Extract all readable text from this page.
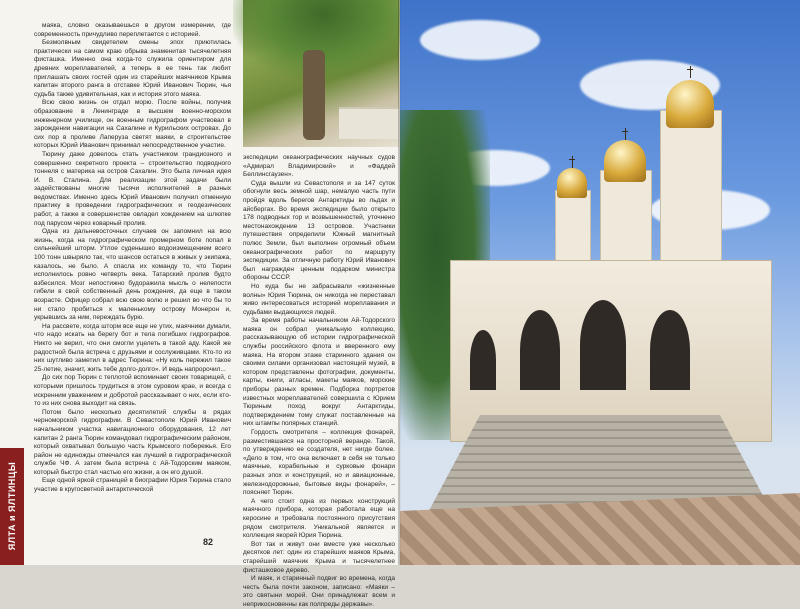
маяка, словно оказываешься в другом измерении, где современность причудливо переплетается с историей.

Безмолвным свидетелем смены эпох приютилась практически на самом краю обрыва знаменитая тысячелетняя фисташка. Именно она когда-то служила ориентиром для древних мореплавателей, а теперь в ее тень так любит приглашать своих гостей один из старейших маячников Крыма капитан второго ранга в отставке Юрий Иванович Тюрин, чья судьба также удивительная, как и история этого маяка.

Всю свою жизнь он отдал морю. После войны, получив образование в Ленинграде в высшем военно-морском инженерном училище, он военным гидрографом участвовал в зарождении навигации на Сахалине и Курильских островах. До сих пор в проливе Лаперуза светят маяки, в строительстве которых Юрий Иванович принимал непосредственное участие.

Тюрину даже довелось стать участником грандиозного и совершенно секретного проекта – строительство подводного тоннеля с материка на остров Сахалин. Это была личная идея И. В. Сталина. Для реализации этой задачи были задействованы многие тысячи исполнителей в разных ведомствах. Именно здесь Юрий Иванович получил отменную практику в проведении гидрографических и геодезических работ, а также в совершенстве овладел хождением на шлюпке под парусом через коварный пролив.

Одна из дальневосточных случаев он запомнил на всю жизнь, когда на гидрографическом промерном боте попал в сильнейший шторм. Утлое суденышко водоизмещением всего 100 тонн швыряло так, что шансов остаться в живых у экипажа, казалось, не было. А спасла их команду то, что Тюрин исполнилось ровно четверть века. Татарский пролив будто взбесился. Мозг непостижно будоражила мысль о нелепости гибели в свой собственный день рождения, да еще в таком возрасте. Офицер собрал всю свою волю и решил во что бы то ни стало пробиться к маленькому острову Монерон и, укрывшись за ним, переждать бурю.

На рассвете, когда шторм все еще не утих, маячники думали, что надо искать на берегу бот и тела погибших гидрографов. Никто не верил, что они смогли уцелеть в такой аду. Какой же радостной была встреча с друзьями и сослуживцами. Кто-то из них шутливо заметил в адрес Тюрина: «Ну коль пережил такое 25-летие, значит, жить тебе долго-долго». И ведь напророчил...

До сих пор Тюрин с теплотой вспоминает своих товарищей, с которыми пришлось трудиться в этом суровом крае, и всегда с искренним уважением и добротой рассказывает о них, если кто-то из них снова выходит на связь.

Потом было несколько десятилетий службы в рядах черноморской гидрографии. В Севастополе Юрий Иванович начальником участка навигационного оборудования, 12 лет капитан 2 ранга Тюрин командовал гидрографическим районом, который охватывал большую часть Крымского побережья. Его район не единожды отмечался как лучший в гидрографической службе ЧФ. А затем была встреча с Ай-Тодорским маяком, который быстро стал частью его жизни, а он его душой.

Еще одной яркой страницей в биографии Юрия Тюрина стало участие в кругосветной антарктической

экспедиции океанографических научных судов «Адмирал Владимирский» и «Фаддей Беллинсгаузен».

Суда вышли из Севастополя и за 147 суток обогнули весь земной шар, немалую часть пути пройдя вдоль берегов Антарктиды во льдах и айсбергах. Во время экспедиции было открыто 178 подводных гор и возвышенностей, уточнено местонахождение 13 островов. Участники путешествия определили Южный магнитный полюс Земли, был выполнен огромный объем океанографических работ по маршруту экспедиции. За отличную работу Юрий Иванович был награжден ценным подарком министра обороны СССР.

Но куда бы не забрасывали «жизненные волны» Юрия Тюрина, он никогда не переставал живо интересоваться историей мореплавания и судьбами выдающихся людей.

За время работы начальником Ай-Тодорского маяка он собрал уникальную коллекцию, рассказывающую об истории гидрографической службы российского флота и вверенного ему маяка. На втором этаже старинного здания он своими силами организовал настоящий музей, в котором представлены фотографии, документы, карты, книги, атласы, макеты маяков, морские приборы разных времен. Подборка портретов известных мореплавателей совершила с Юрием Тюриным поход вокруг Антарктиды, подтверждением тому служат поставленные на них штампы полярных станций.

Гордость смотрителя – коллекция фонарей, разместившаяся на просторной веранде. Такой, по утверждению ее создателя, нет нигде более. «Дело в том, что она включает в себя не только маячные, корабельные и сурковые фонари разных эпох и конструкций, но и авиационные, железнодорожные, бытовые виды фонарей», – поясняет Тюрин.

А чего стоит одна из первых конструкций маячного прибора, которая работала еще на керосине и требовала постоянного присутствия рядом смотрителя. Уникальной является и коллекция якорей Юрия Тюрина.

Вот так и живут они вместе уже несколько десятков лет: один из старейших маяков Крыма, старейший маячник Крыма и тысячелетнее фисташковое дерево.

И маяк, и старинный подвиг во времена, когда честь была почти законом, записано: «Маяки – это святыни морей. Они принадлежат всем и неприкосновенны как полпреды державы».

ЯЛТА и ЯЛТИНЦЫ	82
